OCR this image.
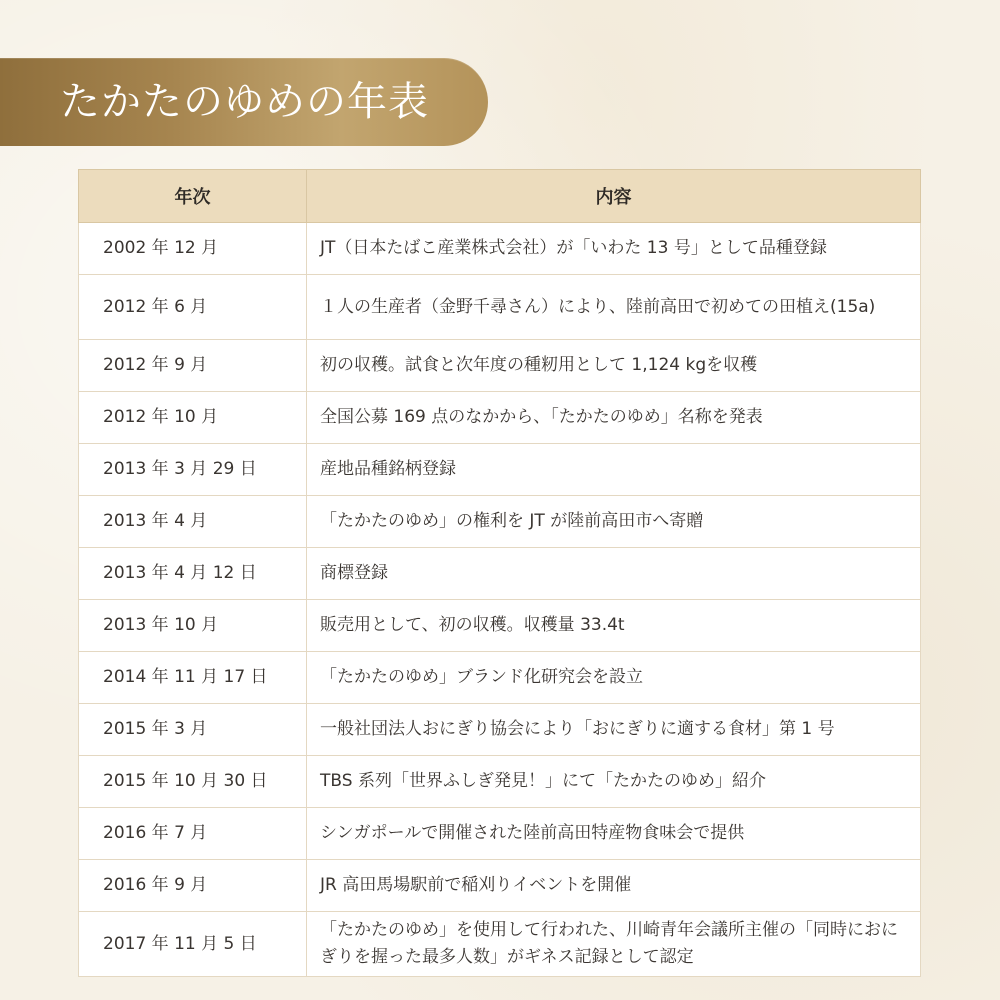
たかたのゆめの年表
年次	内容
2002 年 12 月	JT（日本たばこ産業株式会社）が「いわた 13 号」として品種登録
2012 年 6 月	１人の生産者（金野千尋さん）により、陸前高田で初めての田植え(15a)
2012 年 9 月	初の収穫。試食と次年度の種籾用として 1,124 kgを収穫
2012 年 10 月	全国公募 169 点のなかから、「たかたのゆめ」名称を発表
2013 年 3 月 29 日	産地品種銘柄登録
2013 年 4 月	「たかたのゆめ」の権利を JT が陸前高田市へ寄贈
2013 年 4 月 12 日	商標登録
2013 年 10 月	販売用として、初の収穫。収穫量 33.4t
2014 年 11 月 17 日	「たかたのゆめ」ブランド化研究会を設立
2015 年 3 月	一般社団法人おにぎり協会により「おにぎりに適する食材」第 1 号
2015 年 10 月 30 日	TBS 系列「世界ふしぎ発見！」にて「たかたのゆめ」紹介
2016 年 7 月	シンガポールで開催された陸前高田特産物食味会で提供
2016 年 9 月	JR 高田馬場駅前で稲刈りイベントを開催
2017 年 11 月 5 日	「たかたのゆめ」を使用して行われた、川崎青年会議所主催の「同時におにぎりを握った最多人数」がギネス記録として認定
